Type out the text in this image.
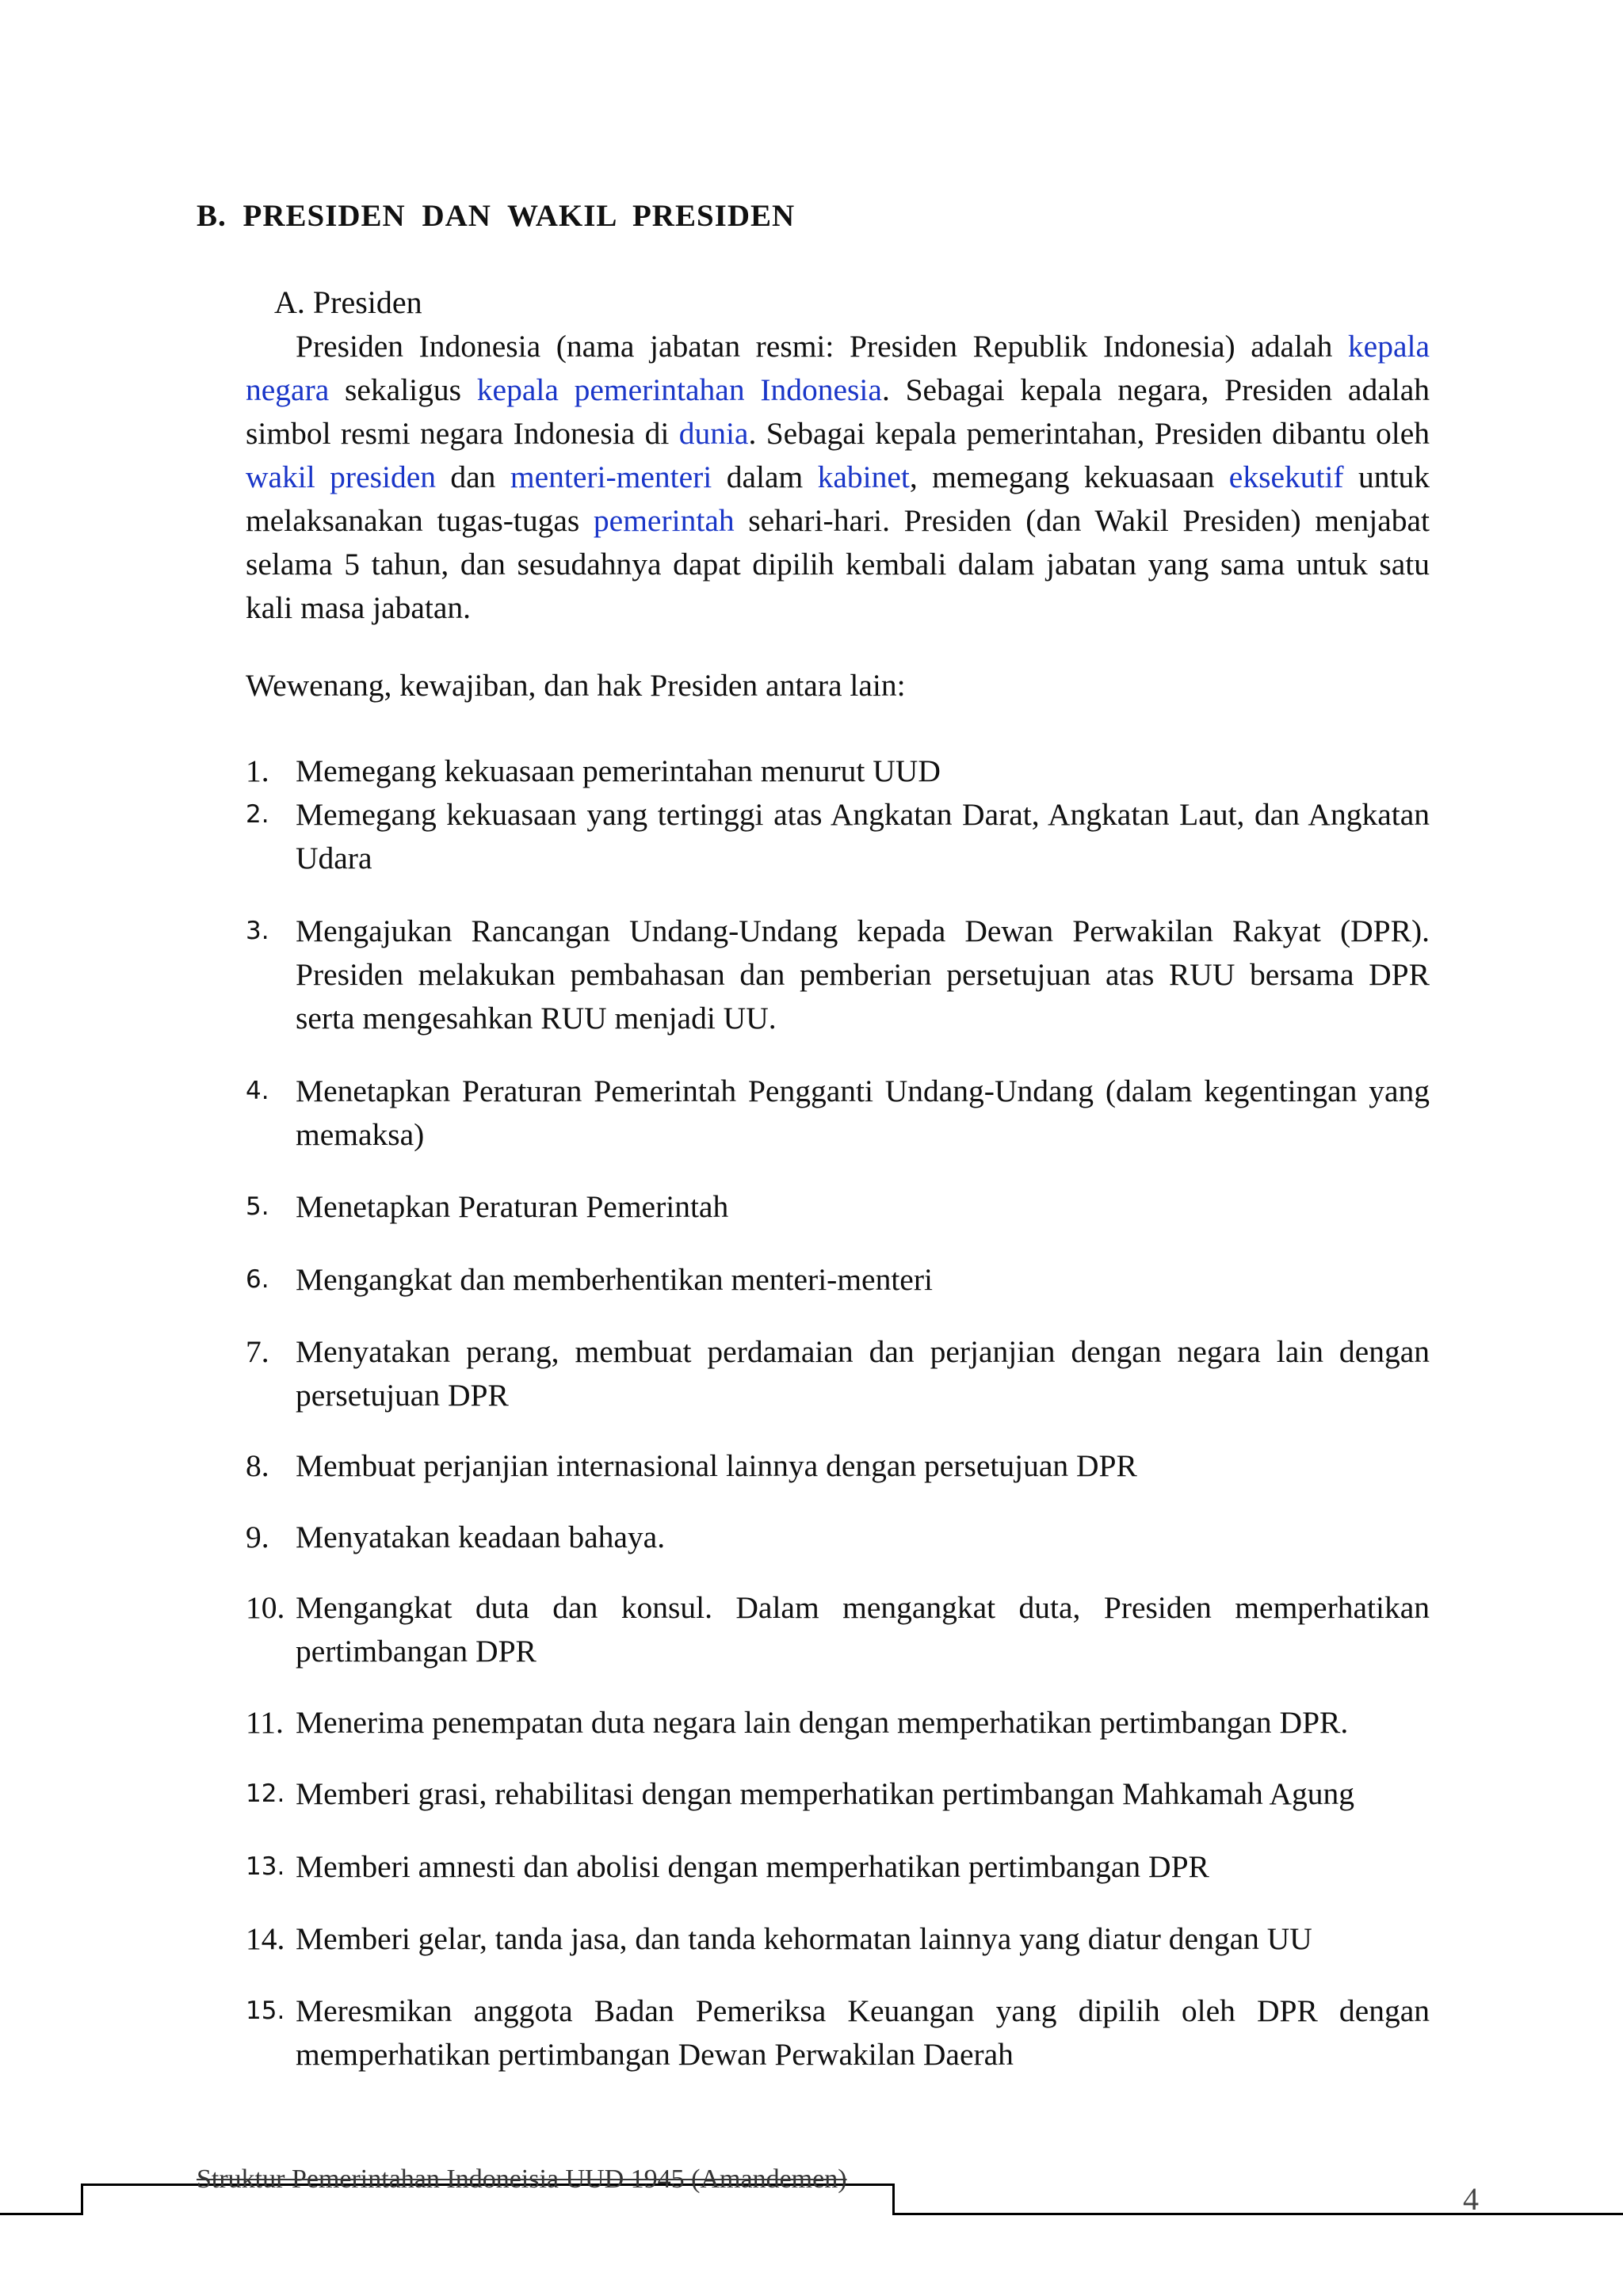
B. PRESIDEN DAN WAKIL PRESIDEN
A. Presiden
Presiden Indonesia (nama jabatan resmi: Presiden Republik Indonesia) adalah kepala negara sekaligus kepala pemerintahan Indonesia. Sebagai kepala negara, Presiden adalah simbol resmi negara Indonesia di dunia. Sebagai kepala pemerintahan, Presiden dibantu oleh wakil presiden dan menteri-menteri dalam kabinet, memegang kekuasaan eksekutif untuk melaksanakan tugas-tugas pemerintah sehari-hari. Presiden (dan Wakil Presiden) menjabat selama 5 tahun, dan sesudahnya dapat dipilih kembali dalam jabatan yang sama untuk satu kali masa jabatan.
Wewenang, kewajiban, dan hak Presiden antara lain:
1. Memegang kekuasaan pemerintahan menurut UUD
2. Memegang kekuasaan yang tertinggi atas Angkatan Darat, Angkatan Laut, dan Angkatan Udara
3. Mengajukan Rancangan Undang-Undang kepada Dewan Perwakilan Rakyat (DPR). Presiden melakukan pembahasan dan pemberian persetujuan atas RUU bersama DPR serta mengesahkan RUU menjadi UU.
4. Menetapkan Peraturan Pemerintah Pengganti Undang-Undang (dalam kegentingan yang memaksa)
5. Menetapkan Peraturan Pemerintah
6. Mengangkat dan memberhentikan menteri-menteri
7. Menyatakan perang, membuat perdamaian dan perjanjian dengan negara lain dengan persetujuan DPR
8. Membuat perjanjian internasional lainnya dengan persetujuan DPR
9. Menyatakan keadaan bahaya.
10. Mengangkat duta dan konsul. Dalam mengangkat duta, Presiden memperhatikan pertimbangan DPR
11. Menerima penempatan duta negara lain dengan memperhatikan pertimbangan DPR.
12. Memberi grasi, rehabilitasi dengan memperhatikan pertimbangan Mahkamah Agung
13. Memberi amnesti dan abolisi dengan memperhatikan pertimbangan DPR
14. Memberi gelar, tanda jasa, dan tanda kehormatan lainnya yang diatur dengan UU
15. Meresmikan anggota Badan Pemeriksa Keuangan yang dipilih oleh DPR dengan memperhatikan pertimbangan Dewan Perwakilan Daerah
Struktur Pemerintahan Indoneisia UUD 1945 (Amandemen)
4
